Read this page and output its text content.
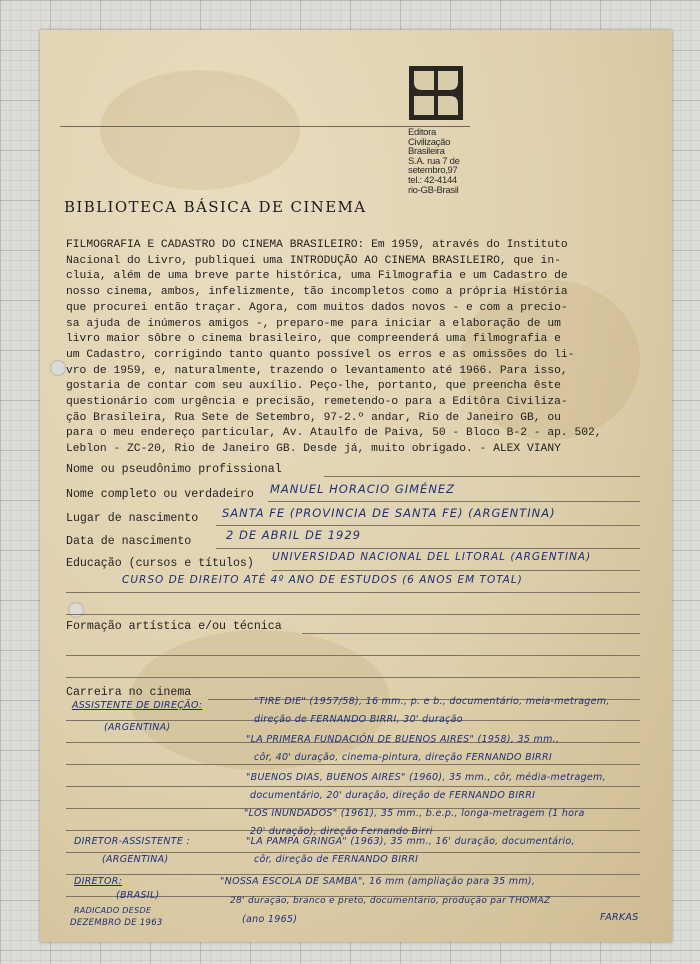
Editora
Civilização
Brasileira
S.A. rua 7 de
setembro,97
tel.: 42-4144
rio-GB-Brasil
BIBLIOTECA BÁSICA DE CINEMA
FILMOGRAFIA E CADASTRO DO CINEMA BRASILEIRO: Em 1959, através do Instituto
Nacional do Livro, publiquei uma INTRODUÇÃO AO CINEMA BRASILEIRO, que in-
cluia, além de uma breve parte histórica, uma Filmografia e um Cadastro de
nosso cinema, ambos, infelizmente, tão incompletos como a própria História
que procurei então traçar. Agora, com muitos dados novos - e com a precio-
sa ajuda de inúmeros amigos -, preparo-me para iniciar a elaboração de um
livro maior sôbre o cinema brasileiro, que compreenderá uma filmografia e
um Cadastro, corrigindo tanto quanto possível os erros e as omissões do li-
vro de 1959, e, naturalmente, trazendo o levantamento até 1966. Para isso,
gostaria de contar com seu auxílio. Peço-lhe, portanto, que preencha êste
questionário com urgência e precisão, remetendo-o para a Editôra Civiliza-
ção Brasileira, Rua Sete de Setembro, 97-2.º andar, Rio de Janeiro GB, ou
para o meu endereço particular, Av. Ataulfo de Paiva, 50 - Bloco B-2 - ap. 502,
Leblon - ZC-20, Rio de Janeiro GB. Desde já, muito obrigado. - ALEX VIANY
Nome ou pseudônimo profissional
Nome completo ou verdadeiro MANUEL HORACIO GIMÉNEZ
Lugar de nascimento SANTA FE (PROVINCIA DE SANTA FE) (ARGENTINA)
Data de nascimento	2 DE ABRIL DE 1929
Educação (cursos e títulos) UNIVERSIDAD NACIONAL DEL LITORAL (ARGENTINA)
CURSO DE DIREITO ATÉ 4º ANO DE ESTUDOS (6 ANOS EM TOTAL)
Formação artística e/ou técnica
Carreira no cinema
ASSISTENTE DE DIREÇÃO:
(ARGENTINA)
"TIRE DIE" (1957/58), 16 mm., p. e b., documentário, meia-metragem,
direção de FERNANDO BIRRI, 30' duração
"LA PRIMERA FUNDACIÓN DE BUENOS AIRES" (1958), 35 mm.,
côr, 40' duração, cinema-pintura, direção FERNANDO BIRRI
"BUENOS DIAS, BUENOS AIRES" (1960), 35 mm., côr, média-metragem,
documentário, 20' duração, direção de FERNANDO BIRRI
"LOS INUNDADOS" (1961), 35 mm., b.e.p., longa-metragem (1 hora
20' duração), direção Fernando Birri
DIRETOR-ASSISTENTE :
(ARGENTINA)
"LA PAMPA GRINGA" (1963), 35 mm., 16' duração, documentário,
côr, direção de FERNANDO BIRRI
DIRETOR:
(BRASIL)
RADICADO DESDE
DEZEMBRO DE 1963
"NOSSA ESCOLA DE SAMBA", 16 mm (ampliação para 35 mm),
28' duração, branco e preto, documentário, produção par THOMAZ
(ano 1965)	FARKAS
